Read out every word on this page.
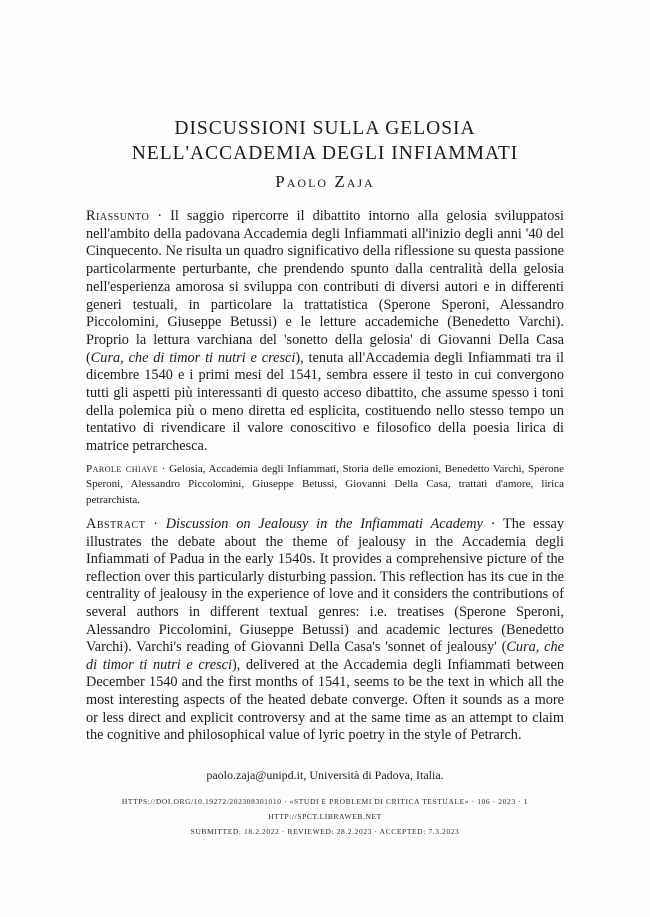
DISCUSSIONI SULLA GELOSIA
NELL'ACCADEMIA DEGLI INFIAMMATI
Paolo Zaja
Riassunto · Il saggio ripercorre il dibattito intorno alla gelosia sviluppatosi nell'ambito della padovana Accademia degli Infiammati all'inizio degli anni '40 del Cinquecento. Ne risulta un quadro significativo della riflessione su questa passione particolarmente perturbante, che prendendo spunto dalla centralità della gelosia nell'esperienza amorosa si sviluppa con contributi di diversi autori e in differenti generi testuali, in particolare la trattatistica (Sperone Speroni, Alessandro Piccolomini, Giuseppe Betussi) e le letture accademiche (Benedetto Varchi). Proprio la lettura varchiana del 'sonetto della gelosia' di Giovanni Della Casa (Cura, che di timor ti nutri e cresci), tenuta all'Accademia degli Infiammati tra il dicembre 1540 e i primi mesi del 1541, sembra essere il testo in cui convergono tutti gli aspetti più interessanti di questo acceso dibattito, che assume spesso i toni della polemica più o meno diretta ed esplicita, costituendo nello stesso tempo un tentativo di rivendicare il valore conoscitivo e filosofico della poesia lirica di matrice petrarchesca.
Parole chiave · Gelosia, Accademia degli Infiammati, Storia delle emozioni, Benedetto Varchi, Sperone Speroni, Alessandro Piccolomini, Giuseppe Betussi, Giovanni Della Casa, trattati d'amore, lirica petrarchista.
Abstract · Discussion on Jealousy in the Infiammati Academy · The essay illustrates the debate about the theme of jealousy in the Accademia degli Infiammati of Padua in the early 1540s. It provides a comprehensive picture of the reflection over this particularly disturbing passion. This reflection has its cue in the centrality of jealousy in the experience of love and it considers the contributions of several authors in different textual genres: i.e. treatises (Sperone Speroni, Alessandro Piccolomini, Giuseppe Betussi) and academic lectures (Benedetto Varchi). Varchi's reading of Giovanni Della Casa's 'sonnet of jealousy' (Cura, che di timor ti nutri e cresci), delivered at the Accademia degli Infiammati between December 1540 and the first months of 1541, seems to be the text in which all the most interesting aspects of the heated debate converge. Often it sounds as a more or less direct and explicit controversy and at the same time as an attempt to claim the cognitive and philosophical value of lyric poetry in the style of Petrarch.
paolo.zaja@unipd.it, Università di Padova, Italia.
HTTPS://DOI.ORG/10.19272/202308301010 · «STUDI E PROBLEMI DI CRITICA TESTUALE» · 106 · 2023 · 1
HTTP://SPCT.LIBRAWEB.NET
SUBMITTED: 18.2.2022 · REVIEWED: 28.2.2023 · ACCEPTED: 7.3.2023
